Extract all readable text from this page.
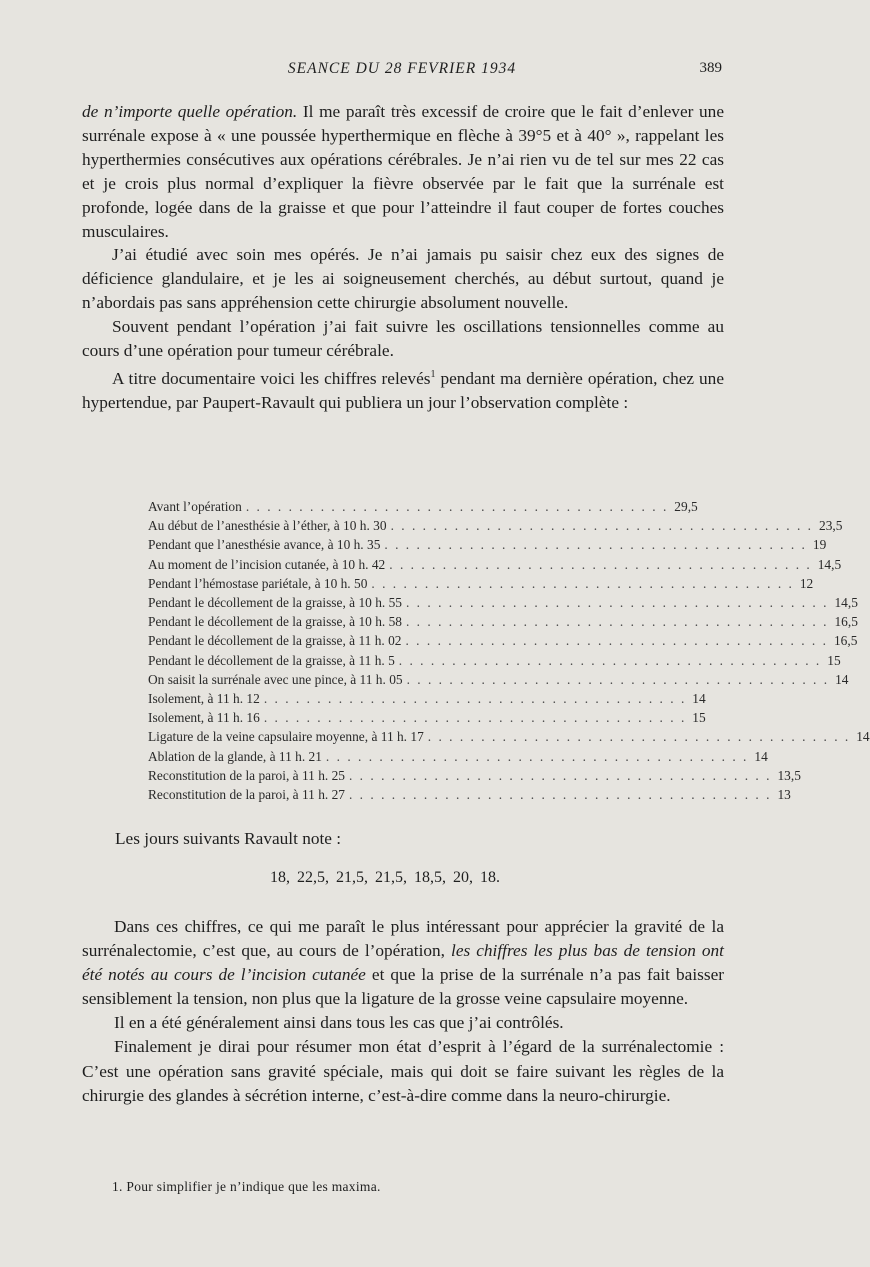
SEANCE DU 28 FEVRIER 1934	389

de n’importe quelle opération. Il me paraît très excessif de croire que le fait d’enlever une surrénale expose à « une poussée hyperthermique en flèche à 39°5 et à 40° », rappelant les hyperthermies consécutives aux opérations cérébrales. Je n’ai rien vu de tel sur mes 22 cas et je crois plus normal d’expliquer la fièvre observée par le fait que la surrénale est profonde, logée dans de la graisse et que pour l’atteindre il faut couper de fortes couches musculaires.

J’ai étudié avec soin mes opérés. Je n’ai jamais pu saisir chez eux des signes de déficience glandulaire, et je les ai soigneusement cherchés, au début surtout, quand je n’abordais pas sans appréhension cette chirurgie absolument nouvelle.

Souvent pendant l’opération j’ai fait suivre les oscillations tensionnelles comme au cours d’une opération pour tumeur cérébrale.

A titre documentaire voici les chiffres relevés$^1$ pendant ma dernière opération, chez une hypertendue, par Paupert-Ravault qui publiera un jour l’observation complète :

Avant l’opération . . . . . . . . . . . . . . . . . . . . . . . . . . . . . . . . . . . . . . . . 29,5
Au début de l’anesthésie à l’éther, à 10 h. 30 . . . . . . . . . . . . . . . . . . . . . . . . . . . . . . . . . . . . . . . . 23,5
Pendant que l’anesthésie avance, à 10 h. 35 . . . . . . . . . . . . . . . . . . . . . . . . . . . . . . . . . . . . . . . . 19
Au moment de l’incision cutanée, à 10 h. 42 . . . . . . . . . . . . . . . . . . . . . . . . . . . . . . . . . . . . . . . . 14,5
Pendant l’hémostase pariétale, à 10 h. 50 . . . . . . . . . . . . . . . . . . . . . . . . . . . . . . . . . . . . . . . . 12
Pendant le décollement de la graisse, à 10 h. 55 . . . . . . . . . . . . . . . . . . . . . . . . . . . . . . . . . . . . . . . . 14,5
Pendant le décollement de la graisse, à 10 h. 58 . . . . . . . . . . . . . . . . . . . . . . . . . . . . . . . . . . . . . . . . 16,5
Pendant le décollement de la graisse, à 11 h. 02 . . . . . . . . . . . . . . . . . . . . . . . . . . . . . . . . . . . . . . . . 16,5
Pendant le décollement de la graisse, à 11 h. 5 . . . . . . . . . . . . . . . . . . . . . . . . . . . . . . . . . . . . . . . . 15
On saisit la surrénale avec une pince, à 11 h. 05 . . . . . . . . . . . . . . . . . . . . . . . . . . . . . . . . . . . . . . . . 14
Isolement, à 11 h. 12 . . . . . . . . . . . . . . . . . . . . . . . . . . . . . . . . . . . . . . . . 14
Isolement, à 11 h. 16 . . . . . . . . . . . . . . . . . . . . . . . . . . . . . . . . . . . . . . . . 15
Ligature de la veine capsulaire moyenne, à 11 h. 17 . . . . . . . . . . . . . . . . . . . . . . . . . . . . . . . . . . . . . . . . 14
Ablation de la glande, à 11 h. 21 . . . . . . . . . . . . . . . . . . . . . . . . . . . . . . . . . . . . . . . . 14
Reconstitution de la paroi, à 11 h. 25 . . . . . . . . . . . . . . . . . . . . . . . . . . . . . . . . . . . . . . . . 13,5
Reconstitution de la paroi, à 11 h. 27 . . . . . . . . . . . . . . . . . . . . . . . . . . . . . . . . . . . . . . . . 13
Les jours suivants Ravault note :
18, 22,5, 21,5, 21,5, 18,5, 20, 18.

Dans ces chiffres, ce qui me paraît le plus intéressant pour apprécier la gravité de la surrénalectomie, c’est que, au cours de l’opération, les chiffres les plus bas de tension ont été notés au cours de l’incision cutanée et que la prise de la surrénale n’a pas fait baisser sensiblement la tension, non plus que la ligature de la grosse veine capsulaire moyenne.

Il en a été généralement ainsi dans tous les cas que j’ai contrôlés.

Finalement je dirai pour résumer mon état d’esprit à l’égard de la surrénalectomie : C’est une opération sans gravité spéciale, mais qui doit se faire suivant les règles de la chirurgie des glandes à sécrétion interne, c’est-à-dire comme dans la neuro-chirurgie.

1. Pour simplifier je n’indique que les maxima.
